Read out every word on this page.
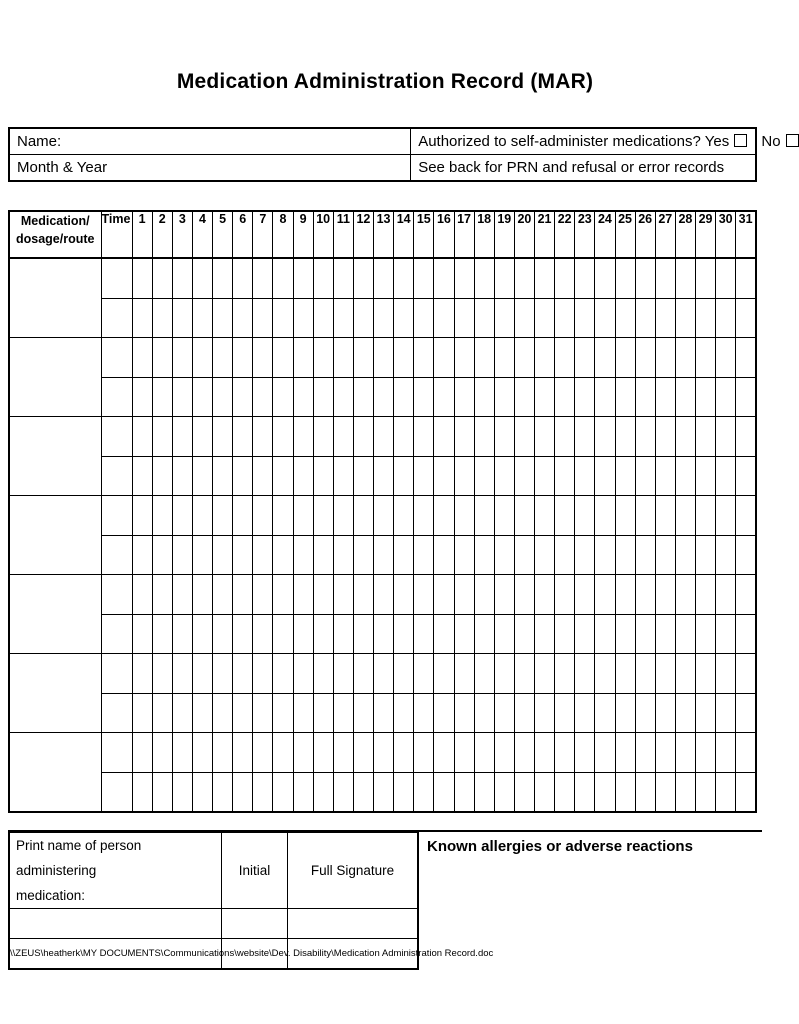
Medication Administration Record (MAR)
Name:	Authorized to self-administer medications? Yes No
Month & Year	See back for PRN and refusal or error records
Medication/
dosage/route	Time	1	2	3	4	5	6	7	8	9	10	11	12	13	14	15	16	17	18	19	20	21	22	23	24	25	26	27	28	29	30	31

Print name of person administering
medication:	Initial	Full Signature

Known allergies or adverse reactions
\\ZEUS\heatherk\MY DOCUMENTS\Communications\website\Dev. Disability\Medication Administration Record.doc
